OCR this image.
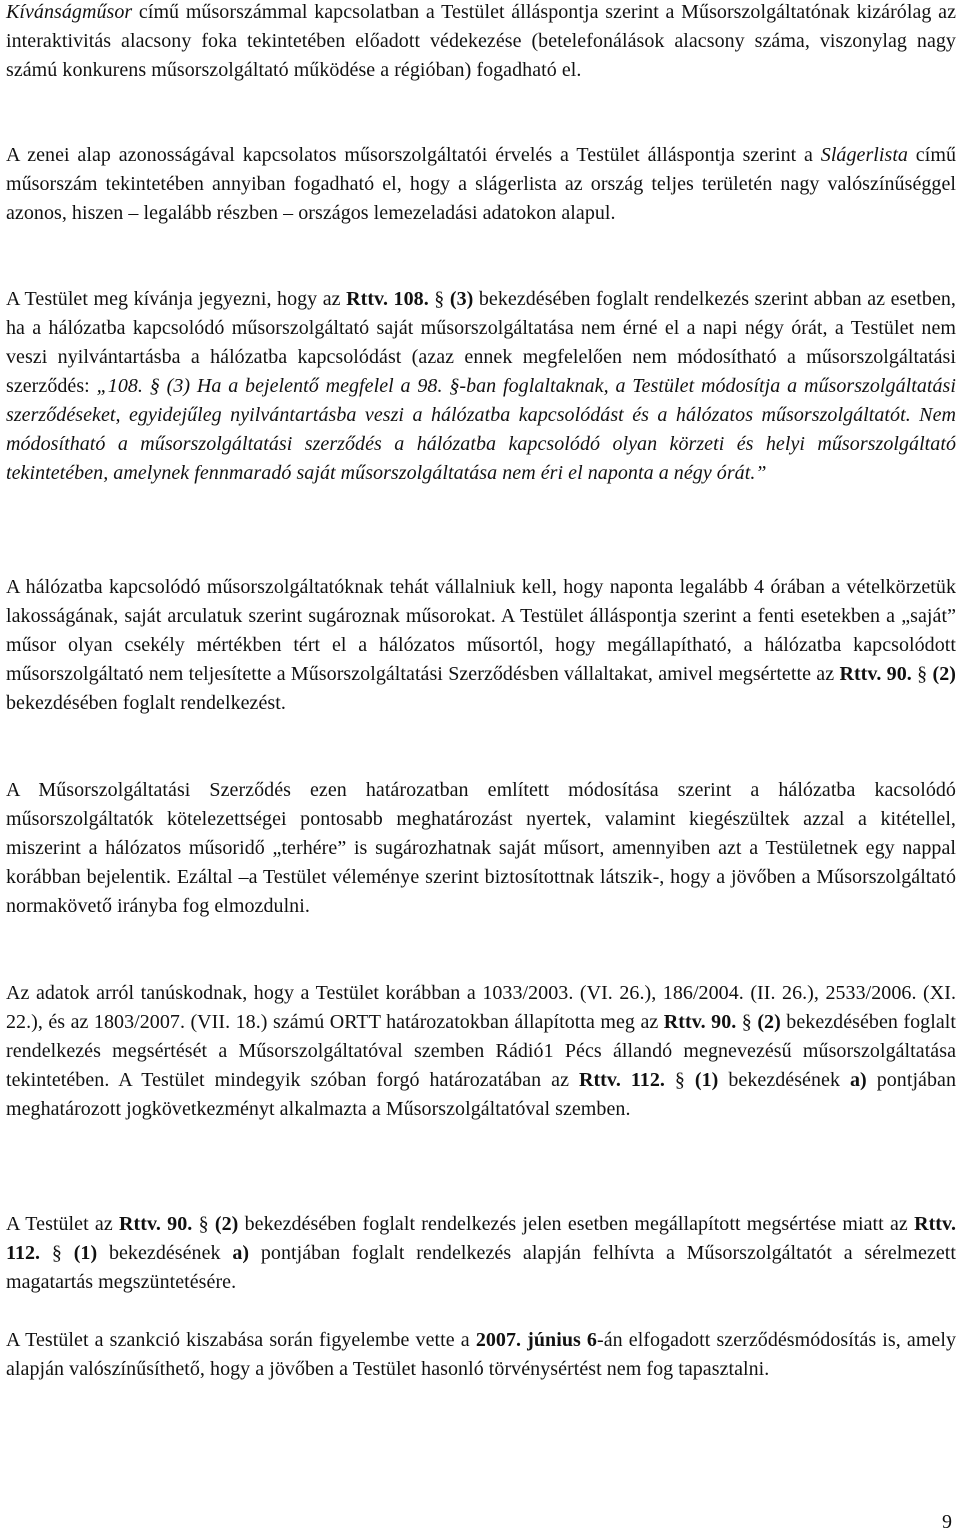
Kívánságműsor című műsorszámmal kapcsolatban a Testület álláspontja szerint a Műsorszolgáltatónak kizárólag az interaktivitás alacsony foka tekintetében előadott védekezése (betelefonálások alacsony száma, viszonylag nagy számú konkurens műsorszolgáltató működése a régióban) fogadható el.

A zenei alap azonosságával kapcsolatos műsorszolgáltatói érvelés a Testület álláspontja szerint a Slágerlista című műsorszám tekintetében annyiban fogadható el, hogy a slágerlista az ország teljes területén nagy valószínűséggel azonos, hiszen – legalább részben – országos lemezeladási adatokon alapul.

A Testület meg kívánja jegyezni, hogy az Rttv. 108. § (3) bekezdésében foglalt rendelkezés szerint abban az esetben, ha a hálózatba kapcsolódó műsorszolgáltató saját műsorszolgáltatása nem érné el a napi négy órát, a Testület nem veszi nyilvántartásba a hálózatba kapcsolódást (azaz ennek megfelelően nem módosítható a műsorszolgáltatási szerződés: „108. § (3) Ha a bejelentő megfelel a 98. §-ban foglaltaknak, a Testület módosítja a műsorszolgáltatási szerződéseket, egyidejűleg nyilvántartásba veszi a hálózatba kapcsolódást és a hálózatos műsorszolgáltatót. Nem módosítható a műsorszolgáltatási szerződés a hálózatba kapcsolódó olyan körzeti és helyi műsorszolgáltató tekintetében, amelynek fennmaradó saját műsorszolgáltatása nem éri el naponta a négy órát.”

A hálózatba kapcsolódó műsorszolgáltatóknak tehát vállalniuk kell, hogy naponta legalább 4 órában a vételkörzetük lakosságának, saját arculatuk szerint sugároznak műsorokat. A Testület álláspontja szerint a fenti esetekben a „saját” műsor olyan csekély mértékben tért el a hálózatos műsortól, hogy megállapítható, a hálózatba kapcsolódott műsorszolgáltató nem teljesítette a Műsorszolgáltatási Szerződésben vállaltakat, amivel megsértette az Rttv. 90. § (2) bekezdésében foglalt rendelkezést.

A Műsorszolgáltatási Szerződés ezen határozatban említett módosítása szerint a hálózatba kacsolódó műsorszolgáltatók kötelezettségei pontosabb meghatározást nyertek, valamint kiegészültek azzal a kitétellel, miszerint a hálózatos műsoridő „terhére” is sugározhatnak saját műsort, amennyiben azt a Testületnek egy nappal korábban bejelentik. Ezáltal –a Testület véleménye szerint biztosítottnak látszik-, hogy a jövőben a Műsorszolgáltató normakövető irányba fog elmozdulni.

Az adatok arról tanúskodnak, hogy a Testület korábban a 1033/2003. (VI. 26.), 186/2004. (II. 26.), 2533/2006. (XI. 22.), és az 1803/2007. (VII. 18.) számú ORTT határozatokban állapította meg az Rttv. 90. § (2) bekezdésében foglalt rendelkezés megsértését a Műsorszolgáltatóval szemben Rádió1 Pécs állandó megnevezésű műsorszolgáltatása tekintetében. A Testület mindegyik szóban forgó határozatában az Rttv. 112. § (1) bekezdésének a) pontjában meghatározott jogkövetkezményt alkalmazta a Műsorszolgáltatóval szemben.

A Testület az Rttv. 90. § (2) bekezdésében foglalt rendelkezés jelen esetben megállapított megsértése miatt az Rttv. 112. § (1) bekezdésének a) pontjában foglalt rendelkezés alapján felhívta a Műsorszolgáltatót a sérelmezett magatartás megszüntetésére.

A Testület a szankció kiszabása során figyelembe vette a 2007. június 6-án elfogadott szerződésmódosítás is, amely alapján valószínűsíthető, hogy a jövőben a Testület hasonló törvénysértést nem fog tapasztalni.

9
